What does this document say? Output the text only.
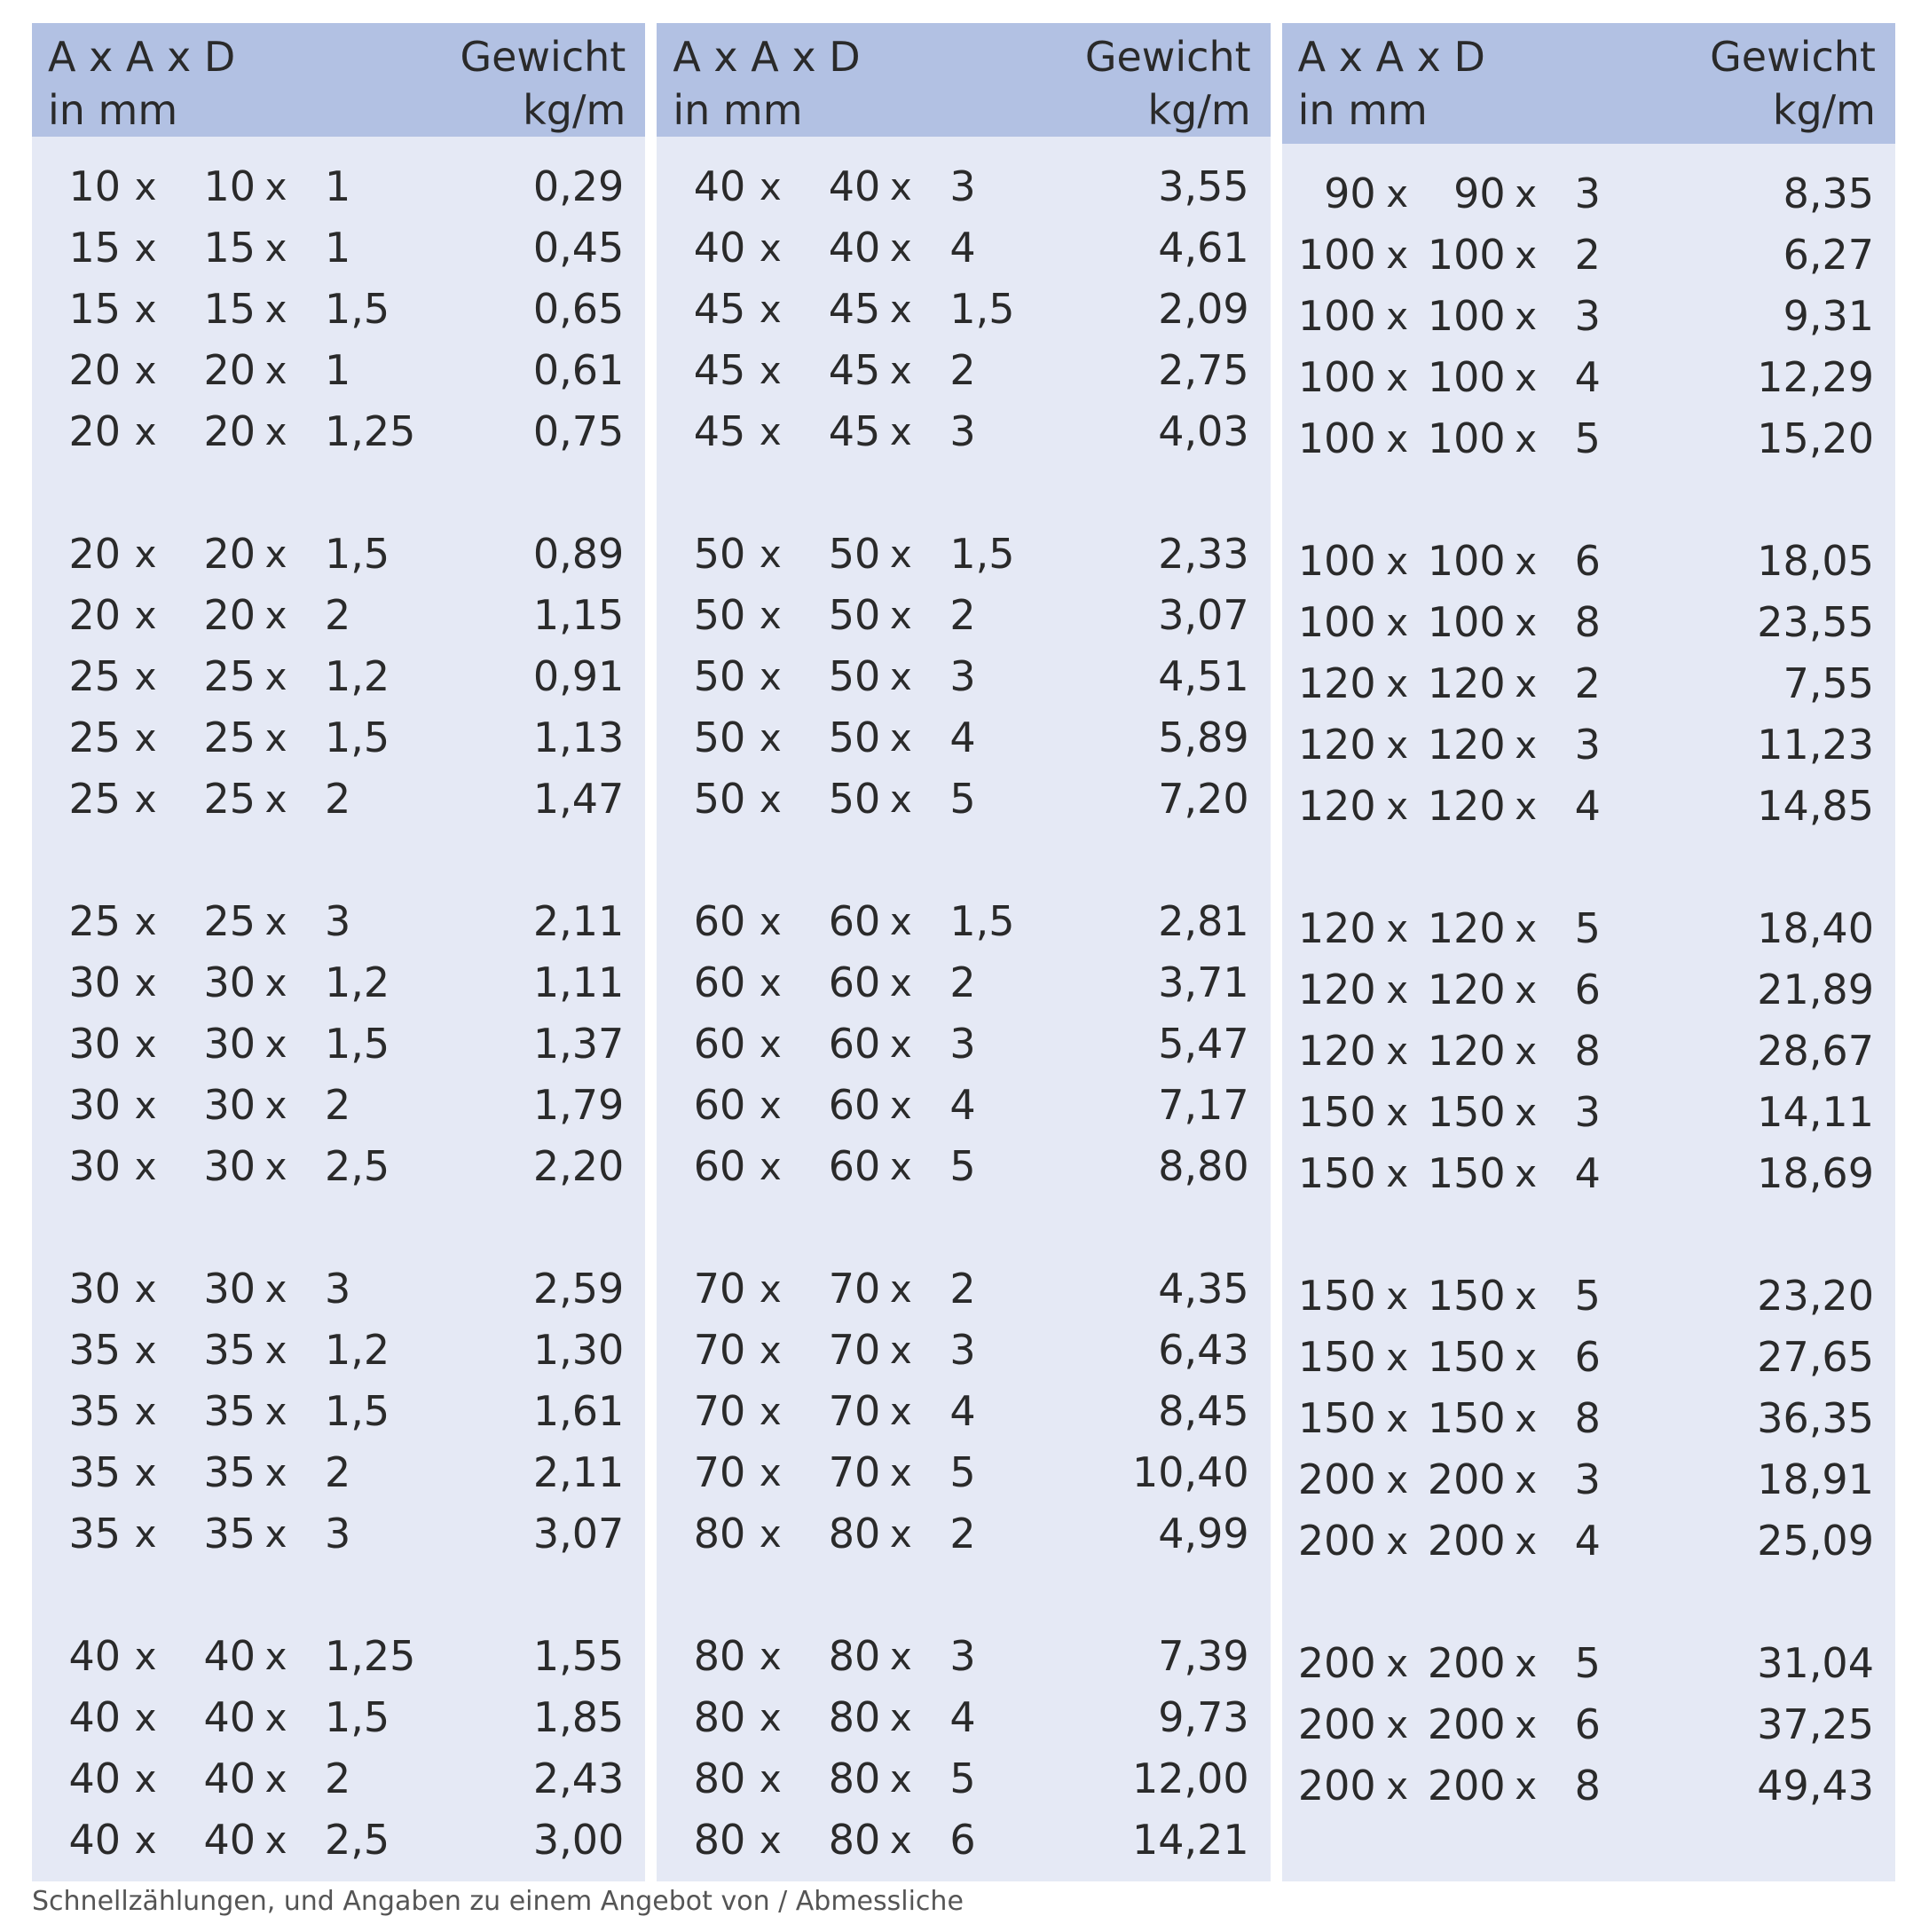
A x A x D
in mm
Gewicht
kg/m
10 x	10 x 1	0,29
15 x	15 x 1	0,45
15 x	15 x 1,5	0,65
20 x	20 x 1	0,61
20 x	20 x 1,25	0,75
20 x	20 x 1,5	0,89
20 x	20 x 2	1,15
25 x	25 x 1,2	0,91
25 x	25 x 1,5	1,13
25 x	25 x 2	1,47
25 x	25 x 3	2,11
30 x	30 x 1,2	1,11
30 x	30 x 1,5	1,37
30 x	30 x 2	1,79
30 x	30 x 2,5	2,20
30 x	30 x 3	2,59
35 x	35 x 1,2	1,30
35 x	35 x 1,5	1,61
35 x	35 x 2	2,11
35 x	35 x 3	3,07
40 x	40 x 1,25	1,55
40 x	40 x 1,5	1,85
40 x	40 x 2	2,43
40 x	40 x 2,5	3,00
A x A x D
in mm
Gewicht
kg/m
40 x	40 x 3	3,55
40 x	40 x 4	4,61
45 x	45 x 1,5	2,09
45 x	45 x 2	2,75
45 x	45 x 3	4,03
50 x	50 x 1,5	2,33
50 x	50 x 2	3,07
50 x	50 x 3	4,51
50 x	50 x 4	5,89
50 x	50 x 5	7,20
60 x	60 x 1,5	2,81
60 x	60 x 2	3,71
60 x	60 x 3	5,47
60 x	60 x 4	7,17
60 x	60 x 5	8,80
70 x	70 x 2	4,35
70 x	70 x 3	6,43
70 x	70 x 4	8,45
70 x	70 x 5	10,40
80 x	80 x 2	4,99
80 x	80 x 3	7,39
80 x	80 x 4	9,73
80 x	80 x 5	12,00
80 x	80 x 6	14,21
A x A x D
in mm
Gewicht
kg/m
90 x	90 x 3	8,35
100 x 100 x 2	6,27
100 x 100 x 3	9,31
100 x 100 x 4	12,29
100 x 100 x 5	15,20
100 x 100 x 6	18,05
100 x 100 x 8	23,55
120 x 120 x 2	7,55
120 x 120 x 3	11,23
120 x 120 x 4	14,85
120 x 120 x 5	18,40
120 x 120 x 6	21,89
120 x 120 x 8	28,67
150 x 150 x 3	14,11
150 x 150 x 4	18,69
150 x 150 x 5	23,20
150 x 150 x 6	27,65
150 x 150 x 8	36,35
200 x 200 x 3	18,91
200 x 200 x 4	25,09
200 x 200 x 5	31,04
200 x 200 x 6	37,25
200 x 200 x 8	49,43
Schnellzählungen, und Angaben zu einem Angebot von / Abmessliche
